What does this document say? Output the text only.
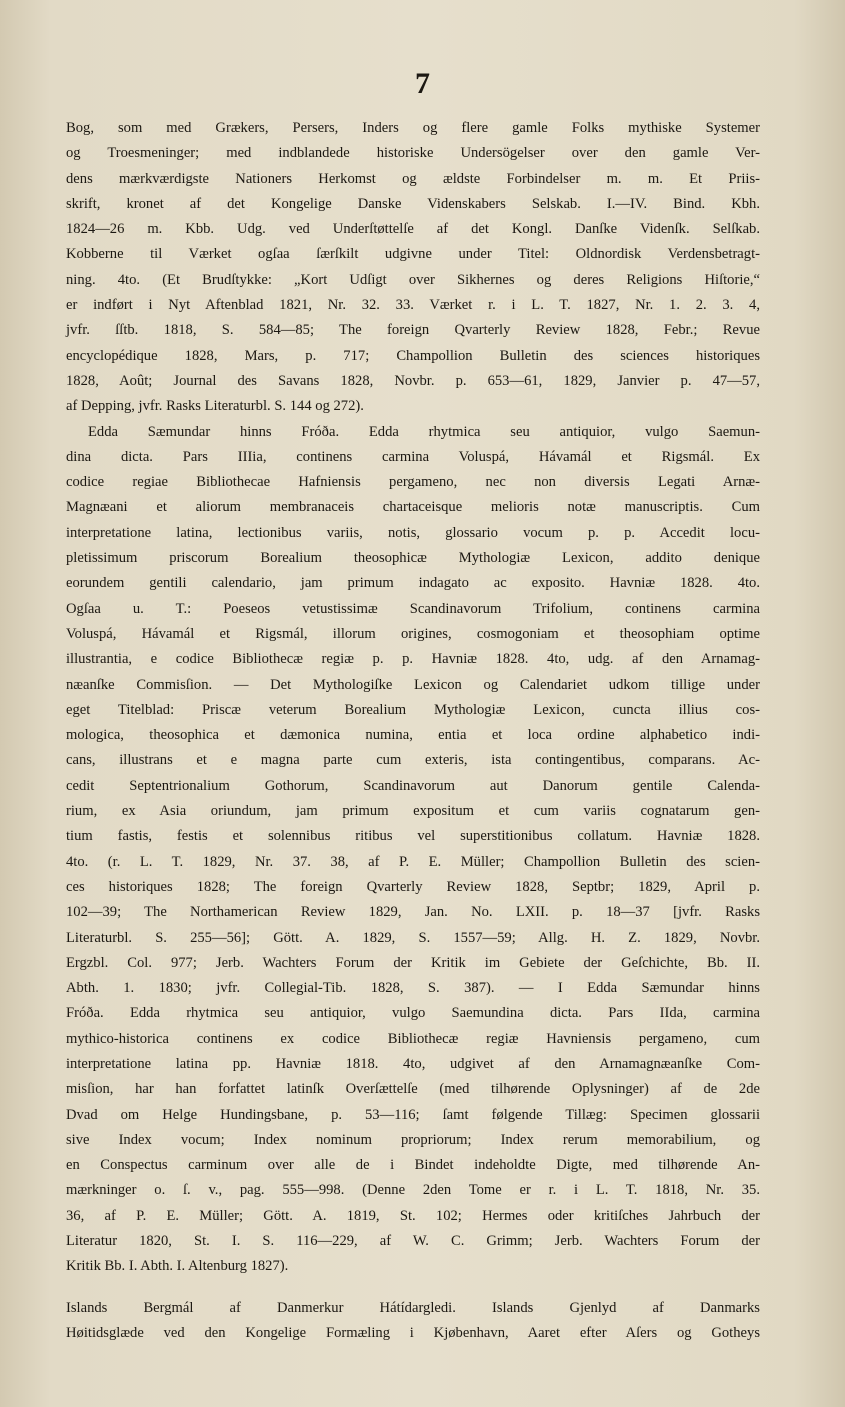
7
Bog, som med Grækers, Persers, Inders og flere gamle Folks mythiske Systemer
og Troesmeninger; med indblandede historiske Undersögelser over den gamle Ver-
dens mærkværdigste Nationers Herkomst og ældste Forbindelser m. m. Et Priis-
skrift, kronet af det Kongelige Danske Videnskabers Selskab. I.—IV. Bind. Kbh.
1824—26 m. Kbb. Udg. ved Underſtøttelſe af det Kongl. Danſke Videnſk. Selſkab.
Kobberne til Værket ogſaa ſærſkilt udgivne under Titel: Oldnordisk Verdensbetragt-
ning. 4to. (Et Brudſtykke: „Kort Udſigt over Sikhernes og deres Religions Hiſtorie,“
er indført i Nyt Aftenblad 1821, Nr. 32. 33. Værket r. i L. T. 1827, Nr. 1. 2. 3. 4,
jvfr. ſſtb. 1818, S. 584—85; The foreign Qvarterly Review 1828, Febr.; Revue
encyclopédique 1828, Mars, p. 717; Champollion Bulletin des sciences historiques
1828, Août; Journal des Savans 1828, Novbr. p. 653—61, 1829, Janvier p. 47—57,
af Depping, jvfr. Rasks Literaturbl. S. 144 og 272).
Edda Sæmundar hinns Fróða. Edda rhytmica seu antiquior, vulgo Saemun-
dina dicta. Pars IIIia, continens carmina Voluspá, Hávamál et Rigsmál. Ex
codice regiae Bibliothecae Hafniensis pergameno, nec non diversis Legati Arnæ-
Magnæani et aliorum membranaceis chartaceisque melioris notæ manuscriptis. Cum
interpretatione latina, lectionibus variis, notis, glossario vocum p. p. Accedit locu-
pletissimum priscorum Borealium theosophicæ Mythologiæ Lexicon, addito denique
eorundem gentili calendario, jam primum indagato ac exposito. Havniæ 1828. 4to.
Ogſaa u. T.: Poeseos vetustissimæ Scandinavorum Trifolium, continens carmina
Voluspá, Hávamál et Rigsmál, illorum origines, cosmogoniam et theosophiam optime
illustrantia, e codice Bibliothecæ regiæ p. p. Havniæ 1828. 4to, udg. af den Arnamag-
næanſke Commisſion. — Det Mythologiſke Lexicon og Calendariet udkom tillige under
eget Titelblad: Priscæ veterum Borealium Mythologiæ Lexicon, cuncta illius cos-
mologica, theosophica et dæmonica numina, entia et loca ordine alphabetico indi-
cans, illustrans et e magna parte cum exteris, ista contingentibus, comparans. Ac-
cedit Septentrionalium Gothorum, Scandinavorum aut Danorum gentile Calenda-
rium, ex Asia oriundum, jam primum expositum et cum variis cognatarum gen-
tium fastis, festis et solennibus ritibus vel superstitionibus collatum. Havniæ 1828.
4to. (r. L. T. 1829, Nr. 37. 38, af P. E. Müller; Champollion Bulletin des scien-
ces historiques 1828; The foreign Qvarterly Review 1828, Septbr; 1829, April p.
102—39; The Northamerican Review 1829, Jan. No. LXII. p. 18—37 [jvfr. Rasks
Literaturbl. S. 255—56]; Gött. A. 1829, S. 1557—59; Allg. H. Z. 1829, Novbr.
Ergzbl. Col. 977; Jerb. Wachters Forum der Kritik im Gebiete der Geſchichte, Bb. II.
Abth. 1. 1830; jvfr. Collegial-Tib. 1828, S. 387). — I Edda Sæmundar hinns
Fróða. Edda rhytmica seu antiquior, vulgo Saemundina dicta. Pars IIda, carmina
mythico-historica continens ex codice Bibliothecæ regiæ Havniensis pergameno, cum
interpretatione latina pp. Havniæ 1818. 4to, udgivet af den Arnamagnæanſke Com-
misſion, har han forfattet latinſk Overſættelſe (med tilhørende Oplysninger) af de 2de
Dvad om Helge Hundingsbane, p. 53—116; ſamt følgende Tillæg: Specimen glossarii
sive Index vocum; Index nominum propriorum; Index rerum memorabilium, og
en Conspectus carminum over alle de i Bindet indeholdte Digte, med tilhørende An-
mærkninger o. ſ. v., pag. 555—998. (Denne 2den Tome er r. i L. T. 1818, Nr. 35.
36, af P. E. Müller; Gött. A. 1819, St. 102; Hermes oder kritiſches Jahrbuch der
Literatur 1820, St. I. S. 116—229, af W. C. Grimm; Jerb. Wachters Forum der
Kritik Bb. I. Abth. I. Altenburg 1827).
Islands Bergmál af Danmerkur Hátídargledi. Islands Gjenlyd af Danmarks
Høitidsglæde ved den Kongelige Formæling i Kjøbenhavn, Aaret efter Aſers og Gotheys
